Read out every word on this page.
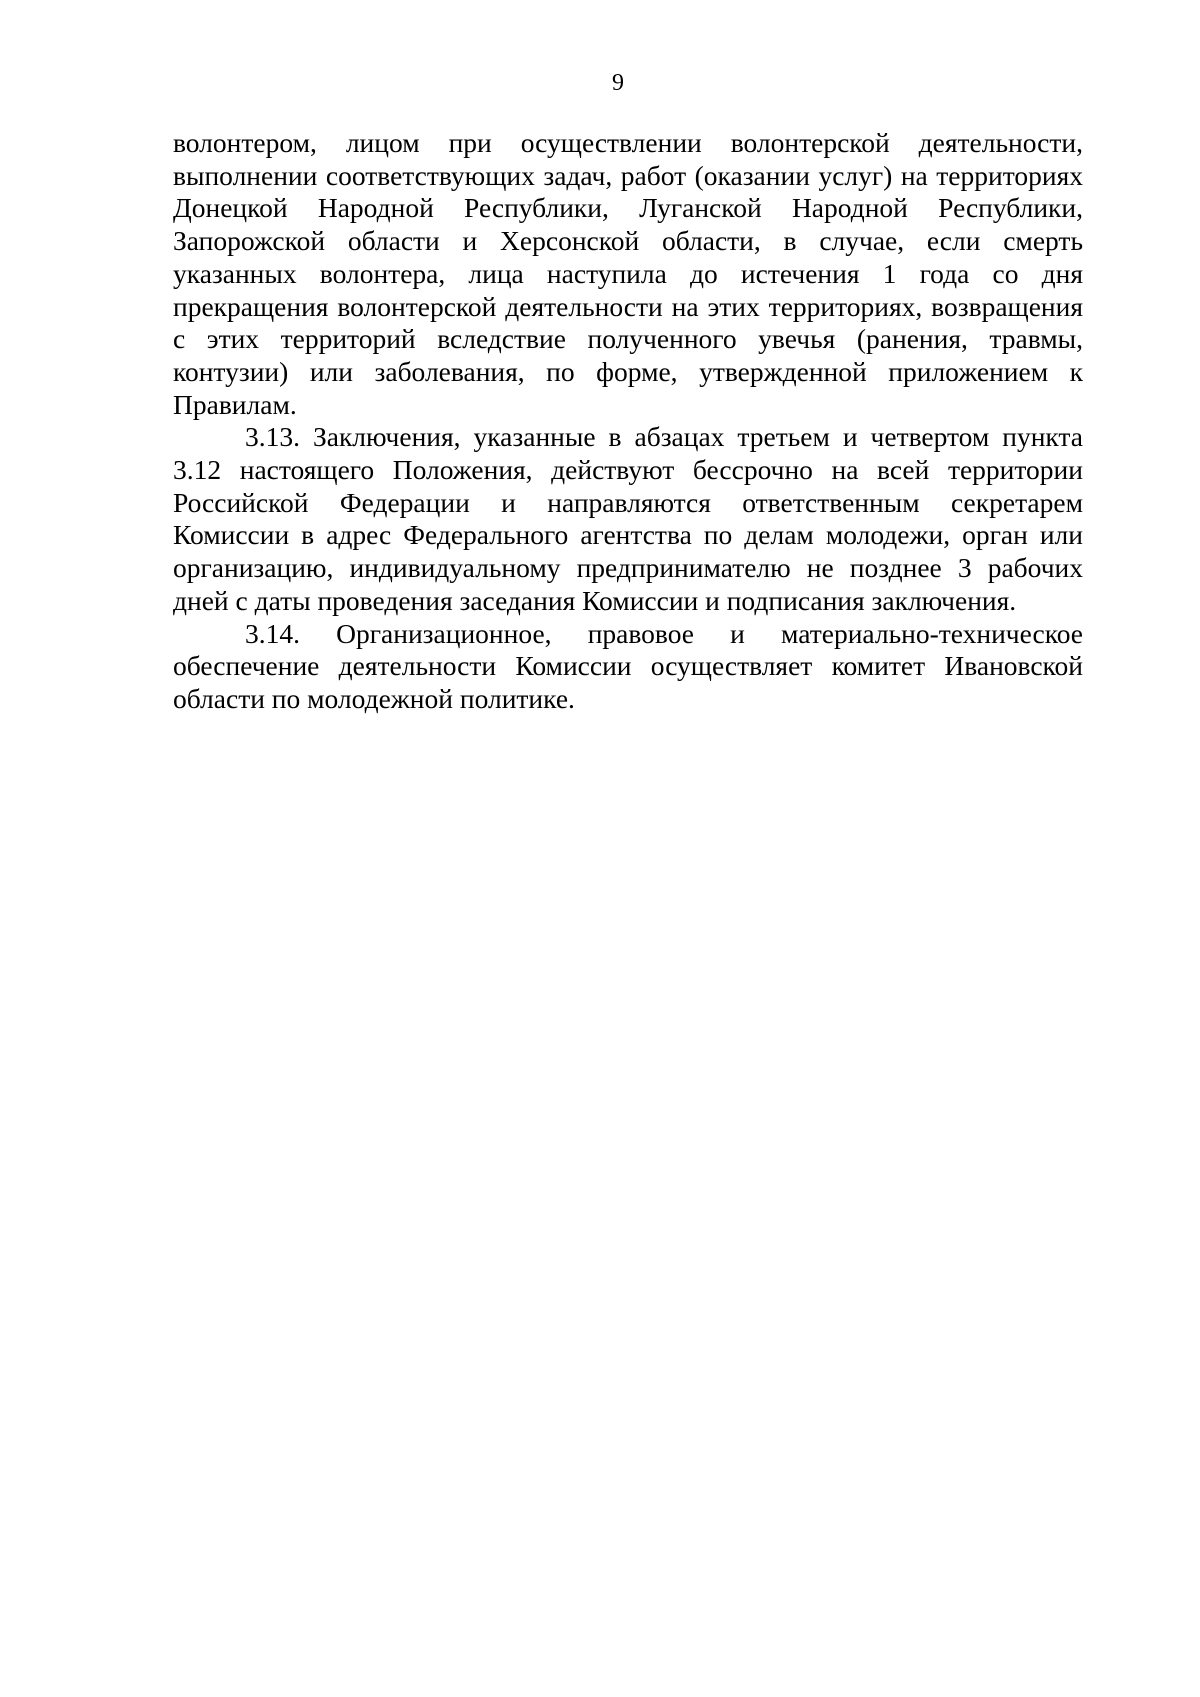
9

волонтером, лицом при осуществлении волонтерской деятельности, выполнении соответствующих задач, работ (оказании услуг) на территориях Донецкой Народной Республики, Луганской Народной Республики, Запорожской области и Херсонской области, в случае, если смерть указанных волонтера, лица наступила до истечения 1 года со дня прекращения волонтерской деятельности на этих территориях, возвращения с этих территорий вследствие полученного увечья (ранения, травмы, контузии) или заболевания, по форме, утвержденной приложением к Правилам.

3.13. Заключения, указанные в абзацах третьем и четвертом пункта 3.12 настоящего Положения, действуют бессрочно на всей территории Российской Федерации и направляются ответственным секретарем Комиссии в адрес Федерального агентства по делам молодежи, орган или организацию, индивидуальному предпринимателю не позднее 3 рабочих дней с даты проведения заседания Комиссии и подписания заключения.

3.14. Организационное, правовое и материально-техническое обеспечение деятельности Комиссии осуществляет комитет Ивановской области по молодежной политике.
